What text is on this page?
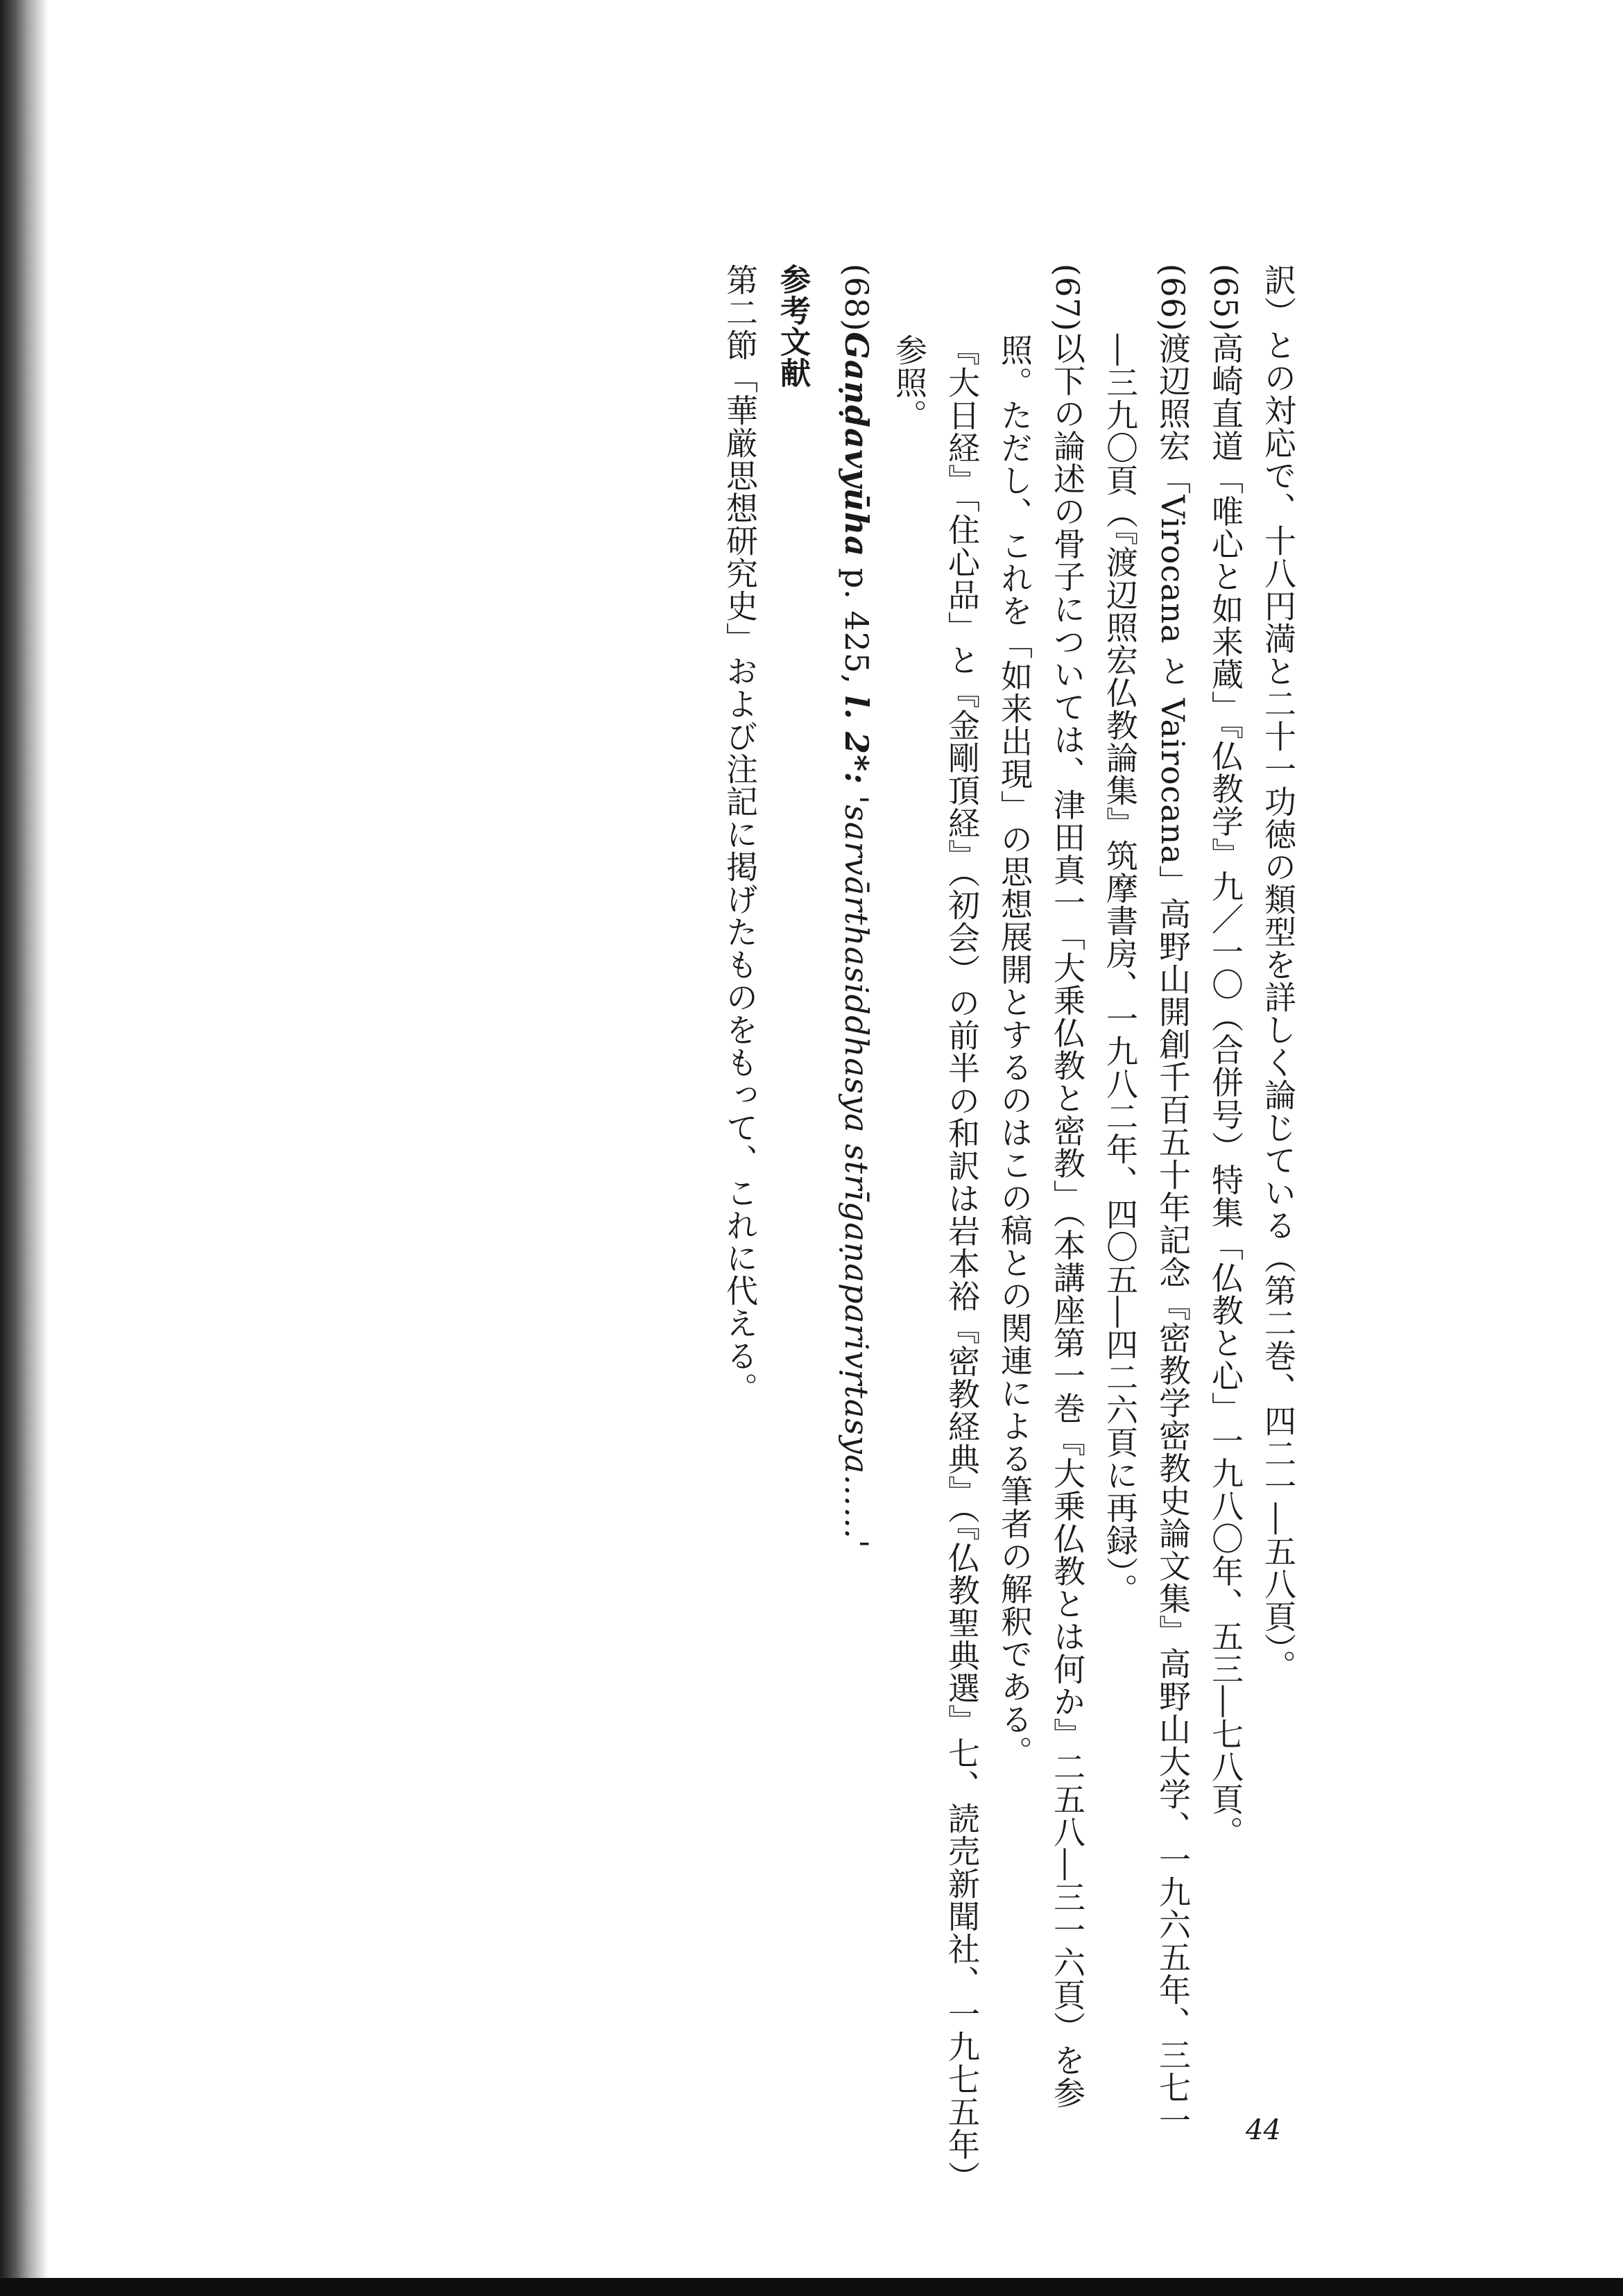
訳）との対応で、十八円満と二十一功徳の類型を詳しく論じている（第二巻、四二一―五八頁）。
(65)高崎直道「唯心と如来蔵」『仏教学』九／一〇（合併号）特集「仏教と心」一九八〇年、五三―七八頁。
(66)渡辺照宏「Virocana と Vairocana」高野山開創千百五十年記念『密教学密教史論文集』高野山大学、一九六五年、三七一
―三九〇頁（『渡辺照宏仏教論集』筑摩書房、一九八二年、四〇五―四二六頁に再録）。
(67)以下の論述の骨子については、津田真一「大乗仏教と密教」（本講座第一巻『大乗仏教とは何か』二五八―三一六頁）を参
照。ただし、これを「如来出現」の思想展開とするのはこの稿との関連による筆者の解釈である。
『大日経』「住心品」と『金剛頂経』（初会）の前半の和訳は岩本裕『密教経典』（『仏教聖典選』七、読売新聞社、一九七五年）
参照。
(68)Gaṇḍavyūha p. 425, l. 2*: 'sarvārthasiddhasya strīgaṇaparivṛtasya……'
参考文献
第二節「華厳思想研究史」および注記に掲げたものをもって、これに代える。
44
